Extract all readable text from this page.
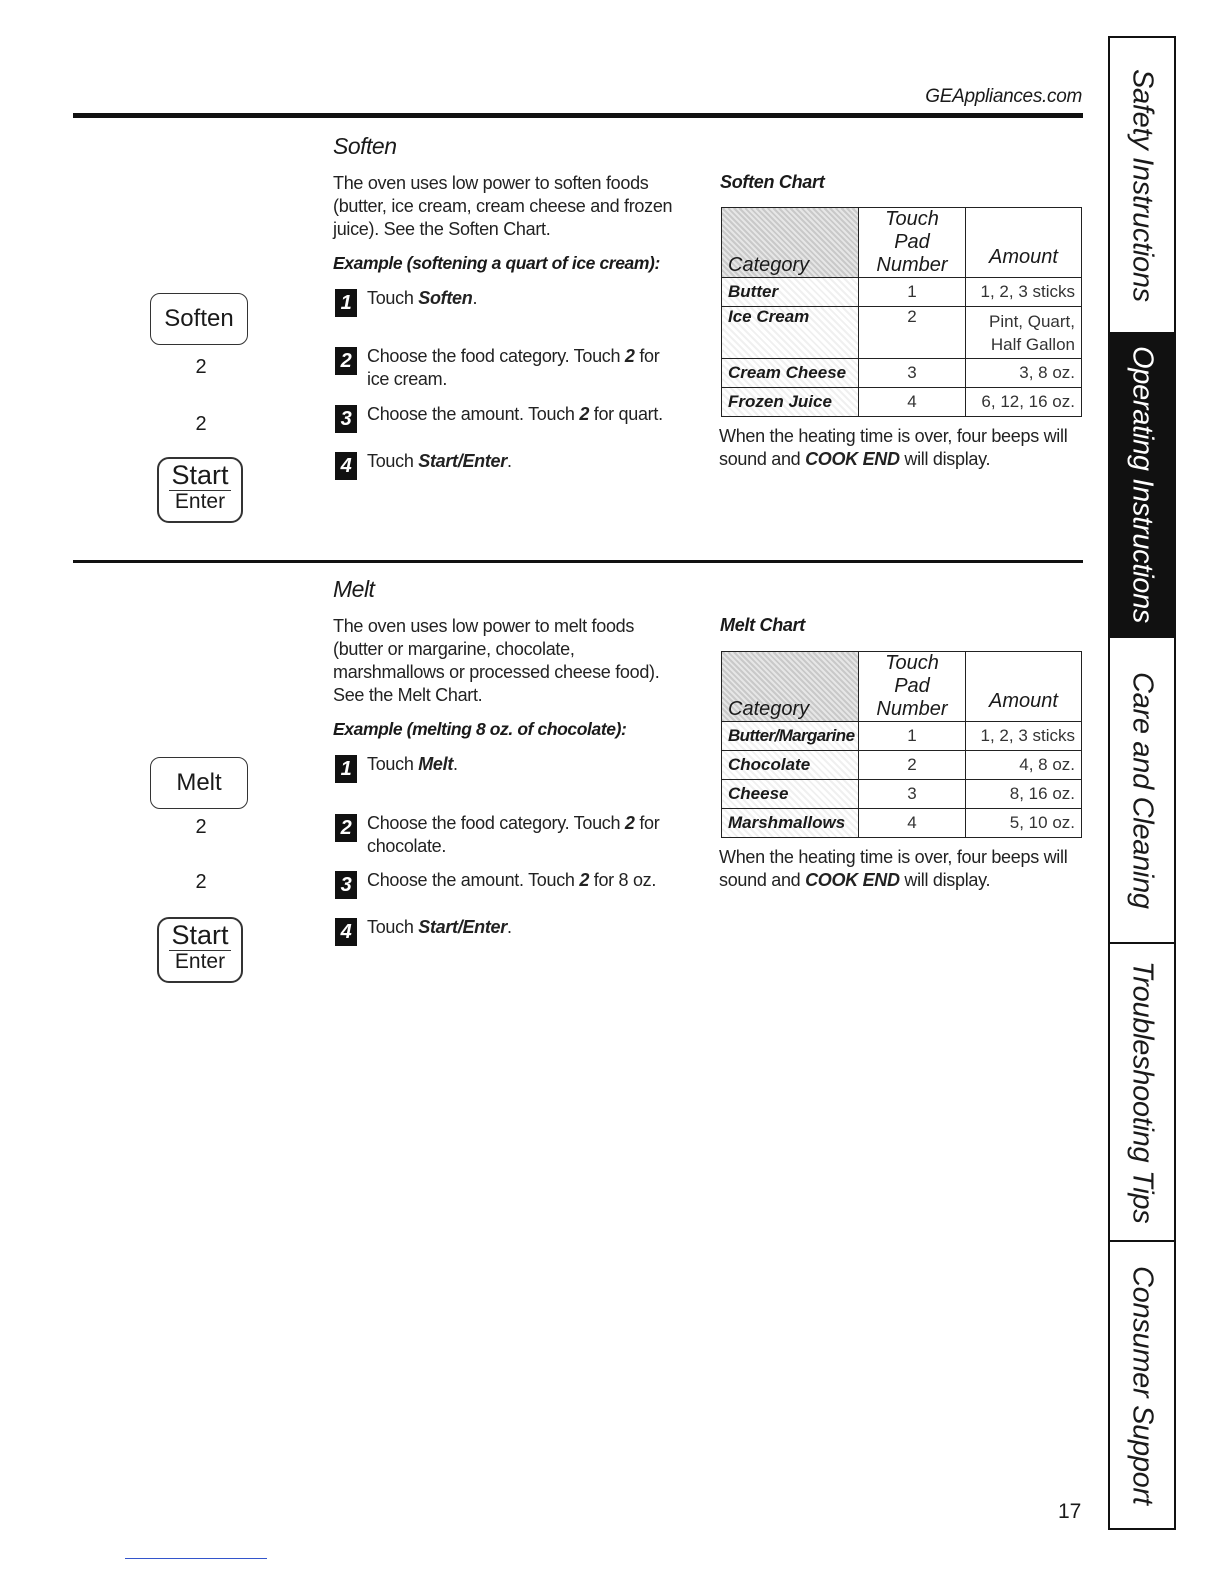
GEAppliances.com
Soften
The oven uses low power to soften foods (butter, ice cream, cream cheese and frozen juice). See the Soften Chart.
Example (softening a quart of ice cream):
Soften
2
2
Start
Enter
1 Touch Soften.
2 Choose the food category. Touch 2 for ice cream.
3 Choose the amount. Touch 2 for quart.
4 Touch Start/Enter.
Soften Chart
Category	Touch Pad Number	Amount
Butter	1	1, 2, 3 sticks
Ice Cream	2	Pint, Quart, Half Gallon
Cream Cheese	3	3, 8 oz.
Frozen Juice	4	6, 12, 16 oz.
When the heating time is over, four beeps will sound and COOK END will display.
Melt
The oven uses low power to melt foods (butter or margarine, chocolate, marshmallows or processed cheese food). See the Melt Chart.
Example (melting 8 oz. of chocolate):
Melt
2
2
Start
Enter
1 Touch Melt.
2 Choose the food category. Touch 2 for chocolate.
3 Choose the amount. Touch 2 for 8 oz.
4 Touch Start/Enter.
Melt Chart
Category	Touch Pad Number	Amount
Butter/Margarine	1	1, 2, 3 sticks
Chocolate	2	4, 8 oz.
Cheese	3	8, 16 oz.
Marshmallows	4	5, 10 oz.
When the heating time is over, four beeps will sound and COOK END will display.
Safety Instructions
Operating Instructions
Care and Cleaning
Troubleshooting Tips
Consumer Support
17
